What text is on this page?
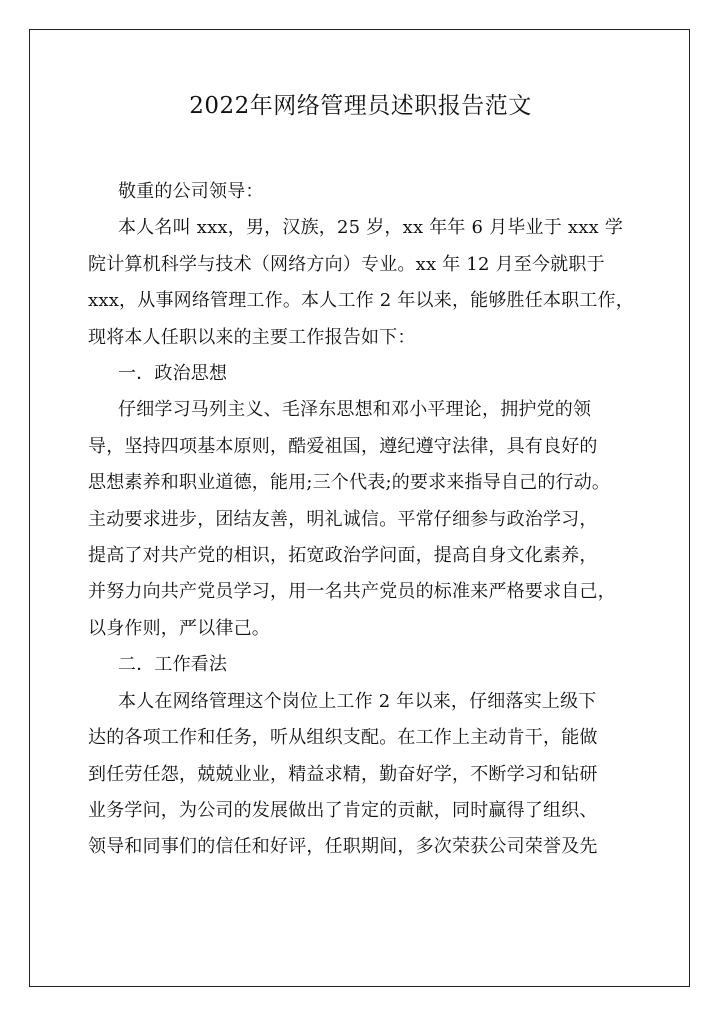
2022年网络管理员述职报告范文
敬重的公司领导：
本人名叫 xxx，男，汉族，25 岁，xx 年年 6 月毕业于 xxx 学
院计算机科学与技术（网络方向）专业。xx 年 12 月至今就职于
xxx，从事网络管理工作。本人工作 2 年以来，能够胜任本职工作，
现将本人任职以来的主要工作报告如下：
一．政治思想
仔细学习马列主义、毛泽东思想和邓小平理论，拥护党的领
导，坚持四项基本原则，酷爱祖国，遵纪遵守法律，具有良好的
思想素养和职业道德，能用;三个代表;的要求来指导自己的行动。
主动要求进步，团结友善，明礼诚信。平常仔细参与政治学习，
提高了对共产党的相识，拓宽政治学问面，提高自身文化素养，
并努力向共产党员学习，用一名共产党员的标准来严格要求自己，
以身作则，严以律己。
二．工作看法
本人在网络管理这个岗位上工作 2 年以来，仔细落实上级下
达的各项工作和任务，听从组织支配。在工作上主动肯干，能做
到任劳任怨，兢兢业业，精益求精，勤奋好学，不断学习和钻研
业务学问，为公司的发展做出了肯定的贡献，同时赢得了组织、
领导和同事们的信任和好评，任职期间，多次荣获公司荣誉及先
